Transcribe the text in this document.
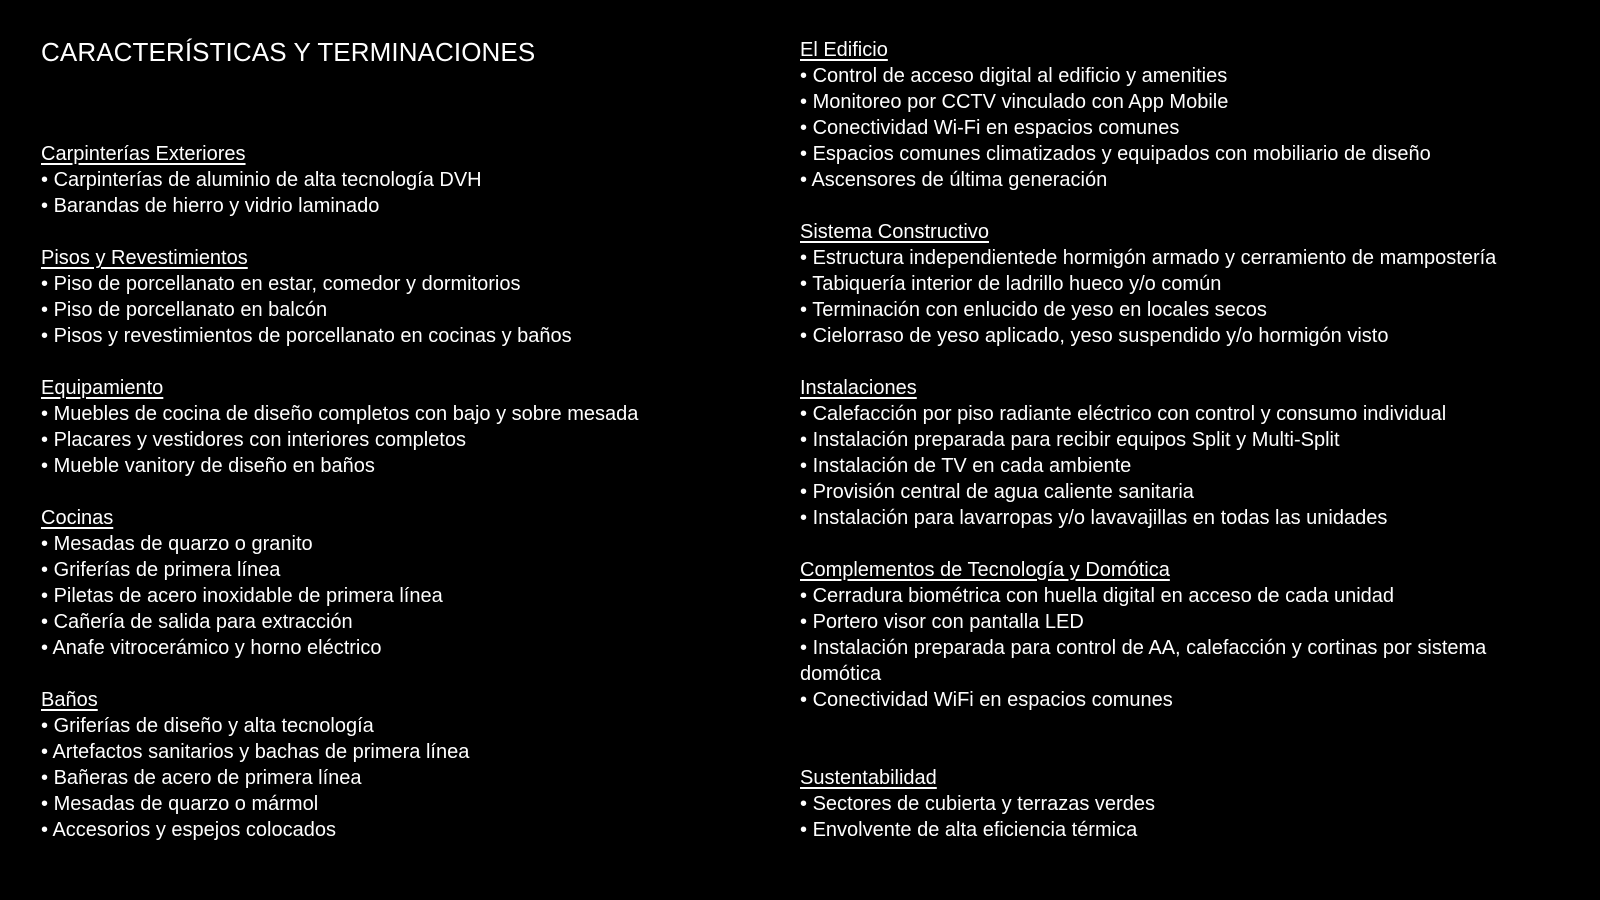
CARACTERÍSTICAS Y TERMINACIONES
Carpinterías Exteriores
• Carpinterías de aluminio de alta tecnología DVH
• Barandas de hierro y vidrio laminado
Pisos y Revestimientos
• Piso de porcellanato en estar, comedor y dormitorios
• Piso de porcellanato en balcón
• Pisos y revestimientos de porcellanato en cocinas y baños
Equipamiento
• Muebles de cocina de diseño completos con bajo y sobre mesada
• Placares y vestidores con interiores completos
• Mueble vanitory de diseño en baños
Cocinas
• Mesadas de quarzo o granito
• Griferías de primera línea
• Piletas de acero inoxidable de primera línea
• Cañería de salida para extracción
• Anafe vitrocerámico y horno eléctrico
Baños
• Griferías de diseño y alta tecnología
• Artefactos sanitarios y bachas de primera línea
• Bañeras de acero de primera línea
• Mesadas de quarzo o mármol
• Accesorios y espejos colocados
El Edificio
• Control de acceso digital al edificio y amenities
• Monitoreo por CCTV vinculado con App Mobile
• Conectividad Wi-Fi en espacios comunes
• Espacios comunes climatizados y equipados con mobiliario de diseño
• Ascensores de última generación
Sistema Constructivo
• Estructura independientede hormigón armado y cerramiento de mampostería
• Tabiquería interior de ladrillo hueco y/o común
• Terminación con enlucido de yeso en locales secos
• Cielorraso de yeso aplicado, yeso suspendido y/o hormigón visto
Instalaciones
• Calefacción por piso radiante eléctrico con control y consumo individual
• Instalación preparada para recibir equipos Split y Multi-Split
• Instalación de TV en cada ambiente
• Provisión central de agua caliente sanitaria
• Instalación para lavarropas y/o lavavajillas en todas las unidades
Complementos de Tecnología y Domótica
• Cerradura biométrica con huella digital en acceso de cada unidad
• Portero visor con pantalla LED
• Instalación preparada para control de AA, calefacción y cortinas por sistema domótica
• Conectividad WiFi en espacios comunes
Sustentabilidad
• Sectores de cubierta y terrazas verdes
• Envolvente de alta eficiencia térmica
